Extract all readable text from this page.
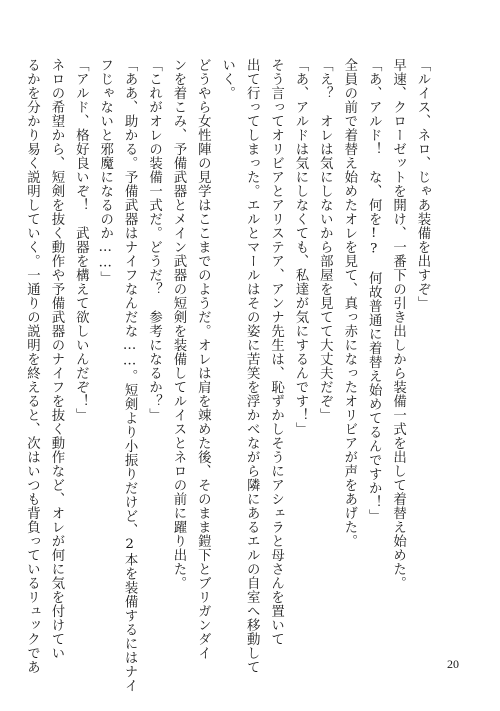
「ルイス、ネロ、じゃあ装備を出すぞ」
早速、クローゼットを開け、一番下の引き出しから装備一式を出して着替え始めた。
「あ、アルド！　な、何を!?　何故普通に着替え始めてるんですか！」
全員の前で着替え始めたオレを見て、真っ赤になったオリビアが声をあげた。
「え？　オレは気にしないから部屋を見てて大丈夫だぞ」
「あ、アルドは気にしなくても、私達が気にするんです！」
そう言ってオリビアとアリステア、アンナ先生は、恥ずかしそうにアシェラと母さんを置いて
出て行ってしまった。エルとマールはその姿に苦笑を浮かべながら隣にあるエルの自室へ移動して
いく。
どうやら女性陣の見学はここまでのようだ。オレは肩を竦めた後、そのまま鎧下とブリガンダイ
ンを着こみ、予備武器とメイン武器の短剣を装備してルイスとネロの前に躍り出た。
「これがオレの装備一式だ。どうだ？　参考になるか？」
「ああ、助かる。予備武器はナイフなんだな……。短剣より小振りだけど、2本を装備するにはナイ
フじゃないと邪魔になるのか……」
「アルド、格好良いぞ！　武器を構えて欲しいんだぞ！」
ネロの希望から、短剣を抜く動作や予備武器のナイフを抜く動作など、オレが何に気を付けてい
るかを分かり易く説明していく。一通りの説明を終えると、次はいつも背負っているリュックであ	20
